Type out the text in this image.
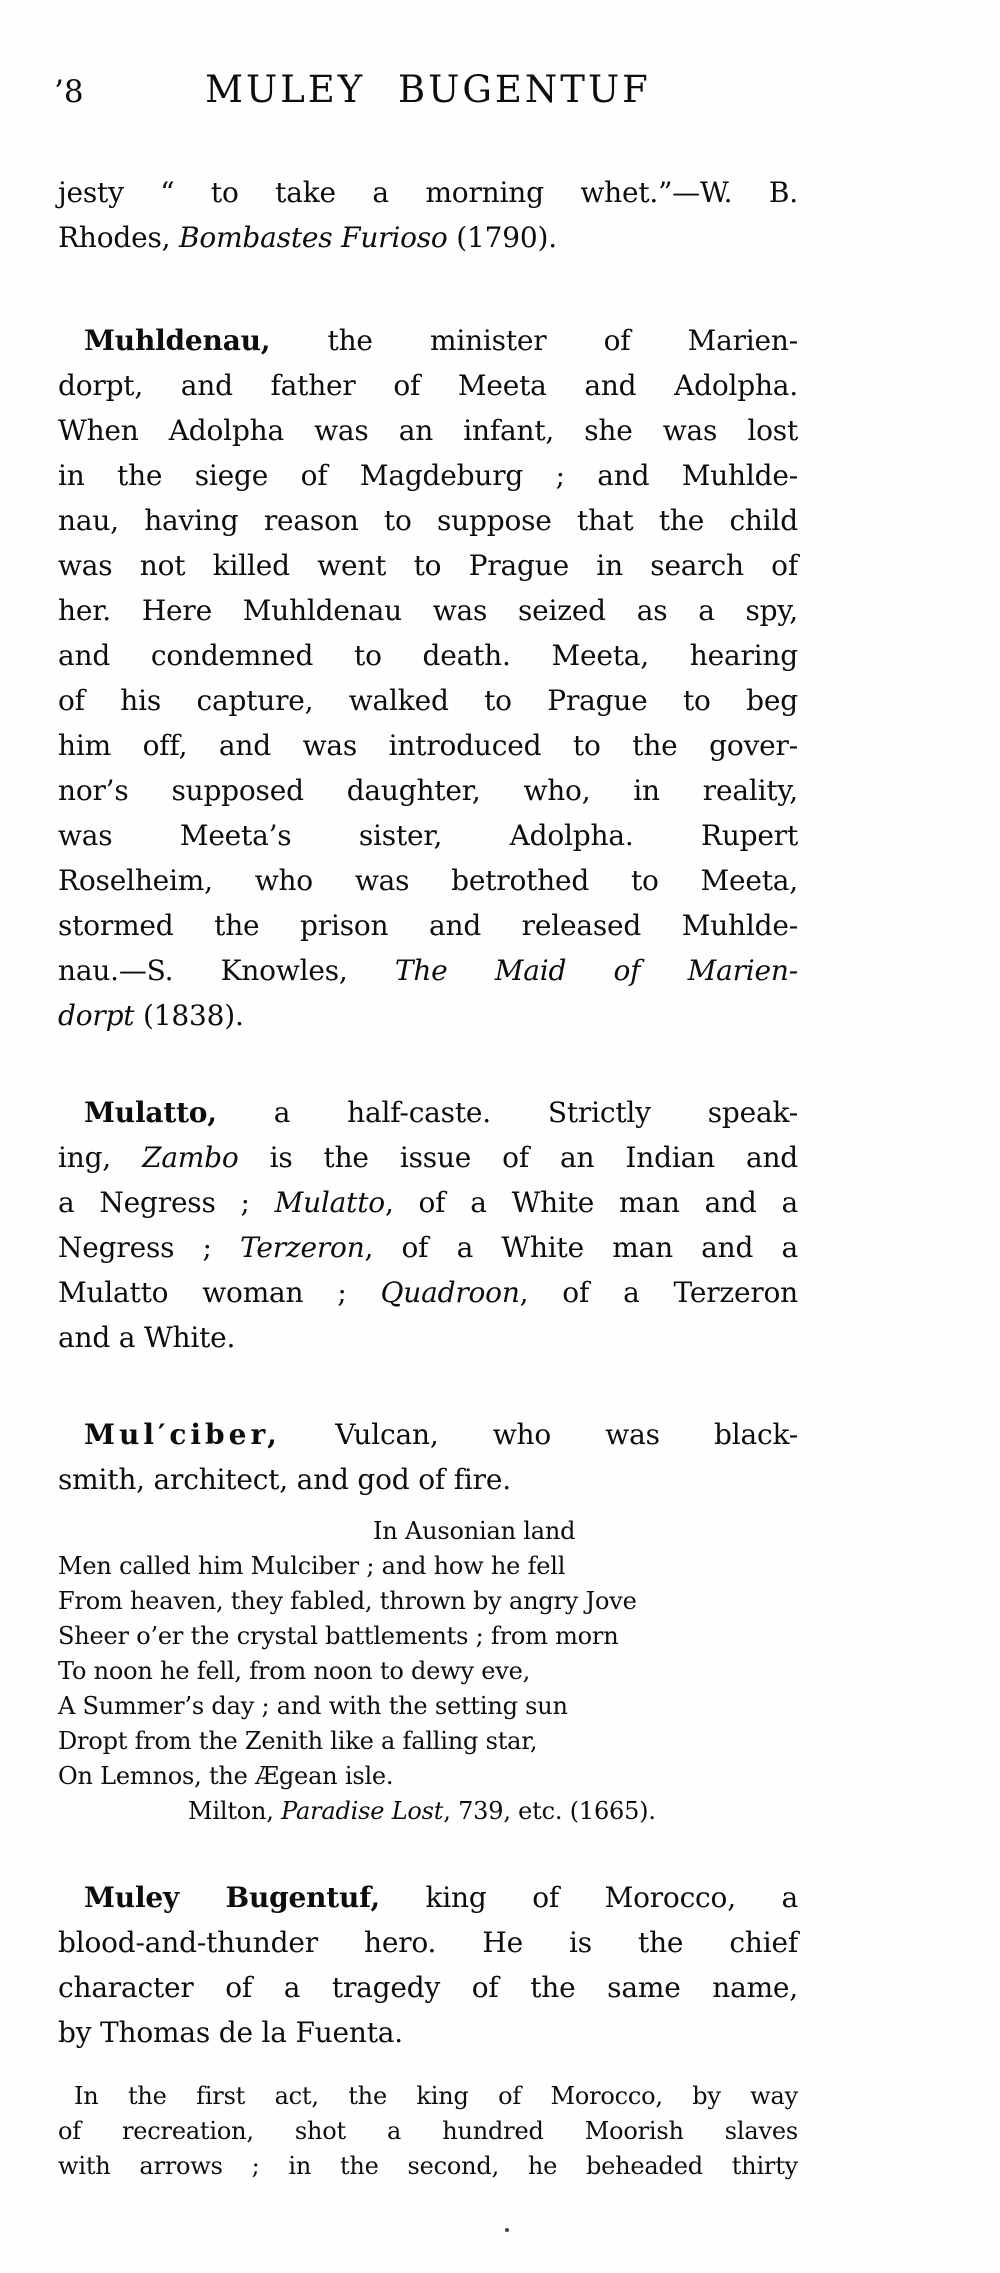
’8	MULEY BUGENTUF
jesty “ to take a morning whet.”—W. B.
Rhodes, Bombastes Furioso (1790).
Muhldenau, the minister of Marien-
dorpt, and father of Meeta and Adolpha.
When Adolpha was an infant, she was lost
in the siege of Magdeburg ; and Muhlde-
nau, having reason to suppose that the child
was not killed went to Prague in search of
her. Here Muhldenau was seized as a spy,
and condemned to death. Meeta, hearing
of his capture, walked to Prague to beg
him off, and was introduced to the gover-
nor’s supposed daughter, who, in reality,
was Meeta’s sister, Adolpha. Rupert
Roselheim, who was betrothed to Meeta,
stormed the prison and released Muhlde-
nau.—S. Knowles, The Maid of Marien-
dorpt (1838).
Mulatto, a half-caste. Strictly speak-
ing, Zambo is the issue of an Indian and
a Negress ; Mulatto, of a White man and a
Negress ; Terzeron, of a White man and a
Mulatto woman ; Quadroon, of a Terzeron
and a White.
Mul′ciber, Vulcan, who was black-
smith, architect, and god of fire.
In Ausonian land
Men called him Mulciber ; and how he fell
From heaven, they fabled, thrown by angry Jove
Sheer o’er the crystal battlements ; from morn
To noon he fell, from noon to dewy eve,
A Summer’s day ; and with the setting sun
Dropt from the Zenith like a falling star,
On Lemnos, the Ægean isle.
Milton, Paradise Lost, 739, etc. (1665).
Muley Bugentuf, king of Morocco, a
blood-and-thunder hero. He is the chief
character of a tragedy of the same name,
by Thomas de la Fuenta.
In the first act, the king of Morocco, by way
of recreation, shot a hundred Moorish slaves
with arrows ; in the second, he beheaded thirty
